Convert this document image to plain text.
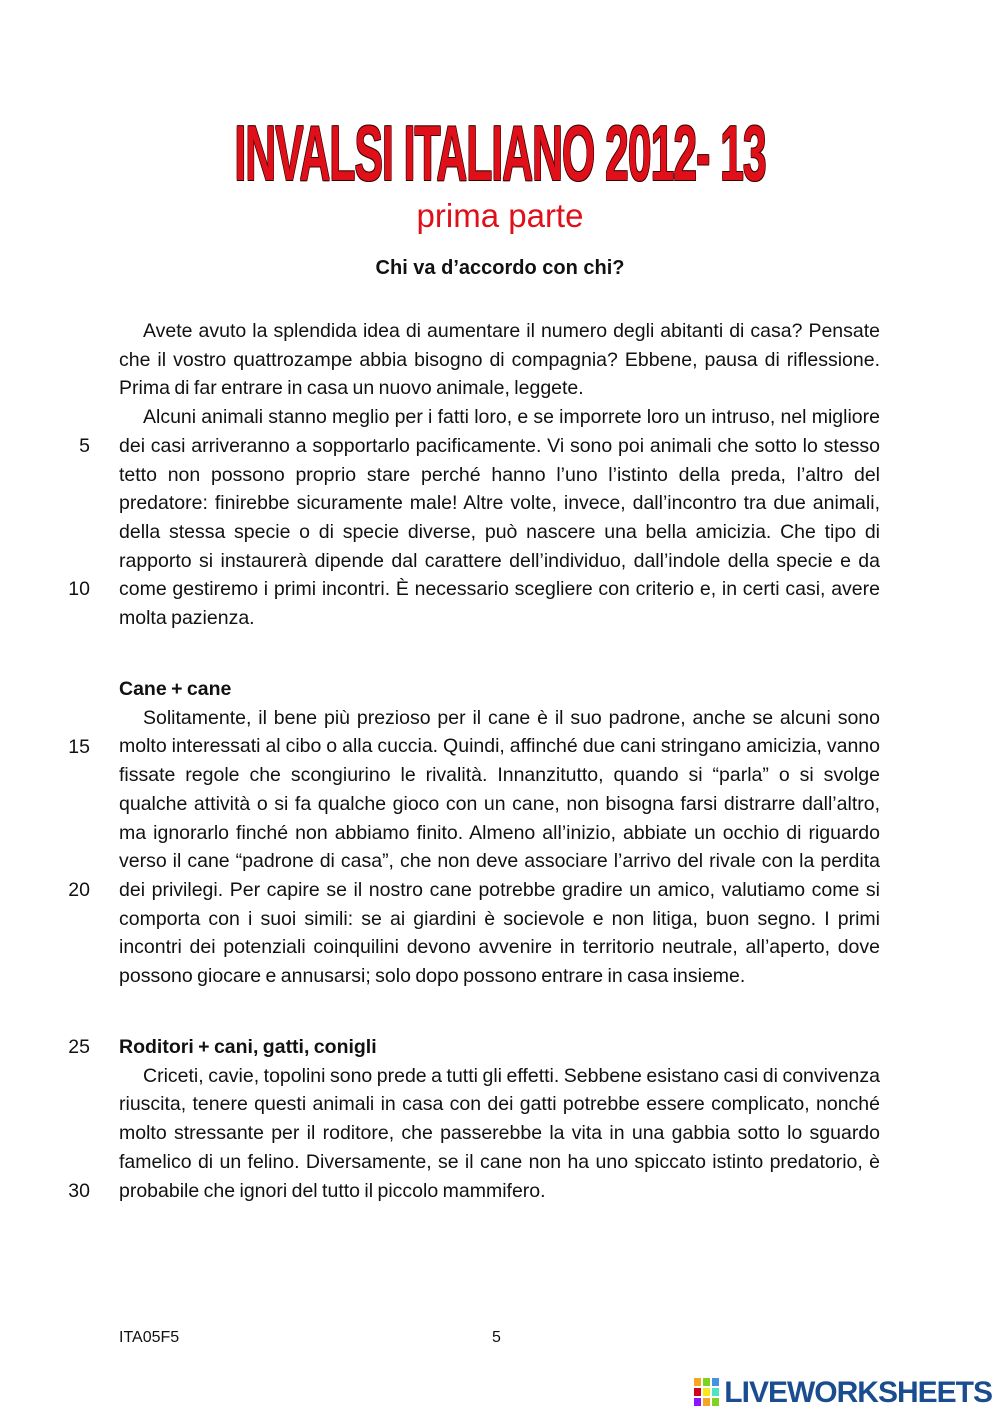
INVALSI ITALIANO 2012- 13
prima parte
Chi va d’accordo con chi?

Avete avuto la splendida idea di aumentare il numero degli abitanti di casa? Pensate che il vostro quattrozampe abbia bisogno di compagnia? Ebbene, pausa di riflessione. Prima di far entrare in casa un nuovo animale, leggete.

Alcuni animali stanno meglio per i fatti loro, e se imporrete loro un intruso, nel migliore dei casi arriveranno a sopportarlo pacificamente. Vi sono poi animali che sotto lo stesso tetto non possono proprio stare perché hanno l’uno l’istinto della preda, l’altro del predatore: finirebbe sicuramente male! Altre volte, invece, dall’incontro tra due animali, della stessa specie o di specie diverse, può nascere una bella amicizia. Che tipo di rapporto si instaurerà dipende dal carattere dell’individuo, dall’indole della specie e da come gestiremo i primi incontri. È necessario scegliere con criterio e, in certi casi, avere molta pazienza.

Cane + cane

Solitamente, il bene più prezioso per il cane è il suo padrone, anche se alcuni sono molto interessati al cibo o alla cuccia. Quindi, affinché due cani stringano amicizia, vanno fissate regole che scongiurino le rivalità. Innanzitutto, quando si “parla” o si svolge qualche attività o si fa qualche gioco con un cane, non bisogna farsi distrarre dall’altro, ma ignorarlo finché non abbiamo finito. Almeno all’inizio, abbiate un occhio di riguardo verso il cane “padrone di casa”, che non deve associare l’arrivo del rivale con la perdita dei privilegi. Per capire se il nostro cane potrebbe gradire un amico, valutiamo come si comporta con i suoi simili: se ai giardini è socievole e non litiga, buon segno. I primi incontri dei potenziali coinquilini devono avvenire in territorio neutrale, all’aperto, dove possono giocare e annusarsi; solo dopo possono entrare in casa insieme.

Roditori + cani, gatti, conigli

Criceti, cavie, topolini sono prede a tutti gli effetti. Sebbene esistano casi di convivenza riuscita, tenere questi animali in casa con dei gatti potrebbe essere complicato, nonché molto stressante per il roditore, che passerebbe la vita in una gabbia sotto lo sguardo famelico di un felino. Diversamente, se il cane non ha uno spiccato istinto predatorio, è probabile che ignori del tutto il piccolo mammifero.

5
10
15
20
25
30
ITA05F5	5
LIVEWORKSHEETS
